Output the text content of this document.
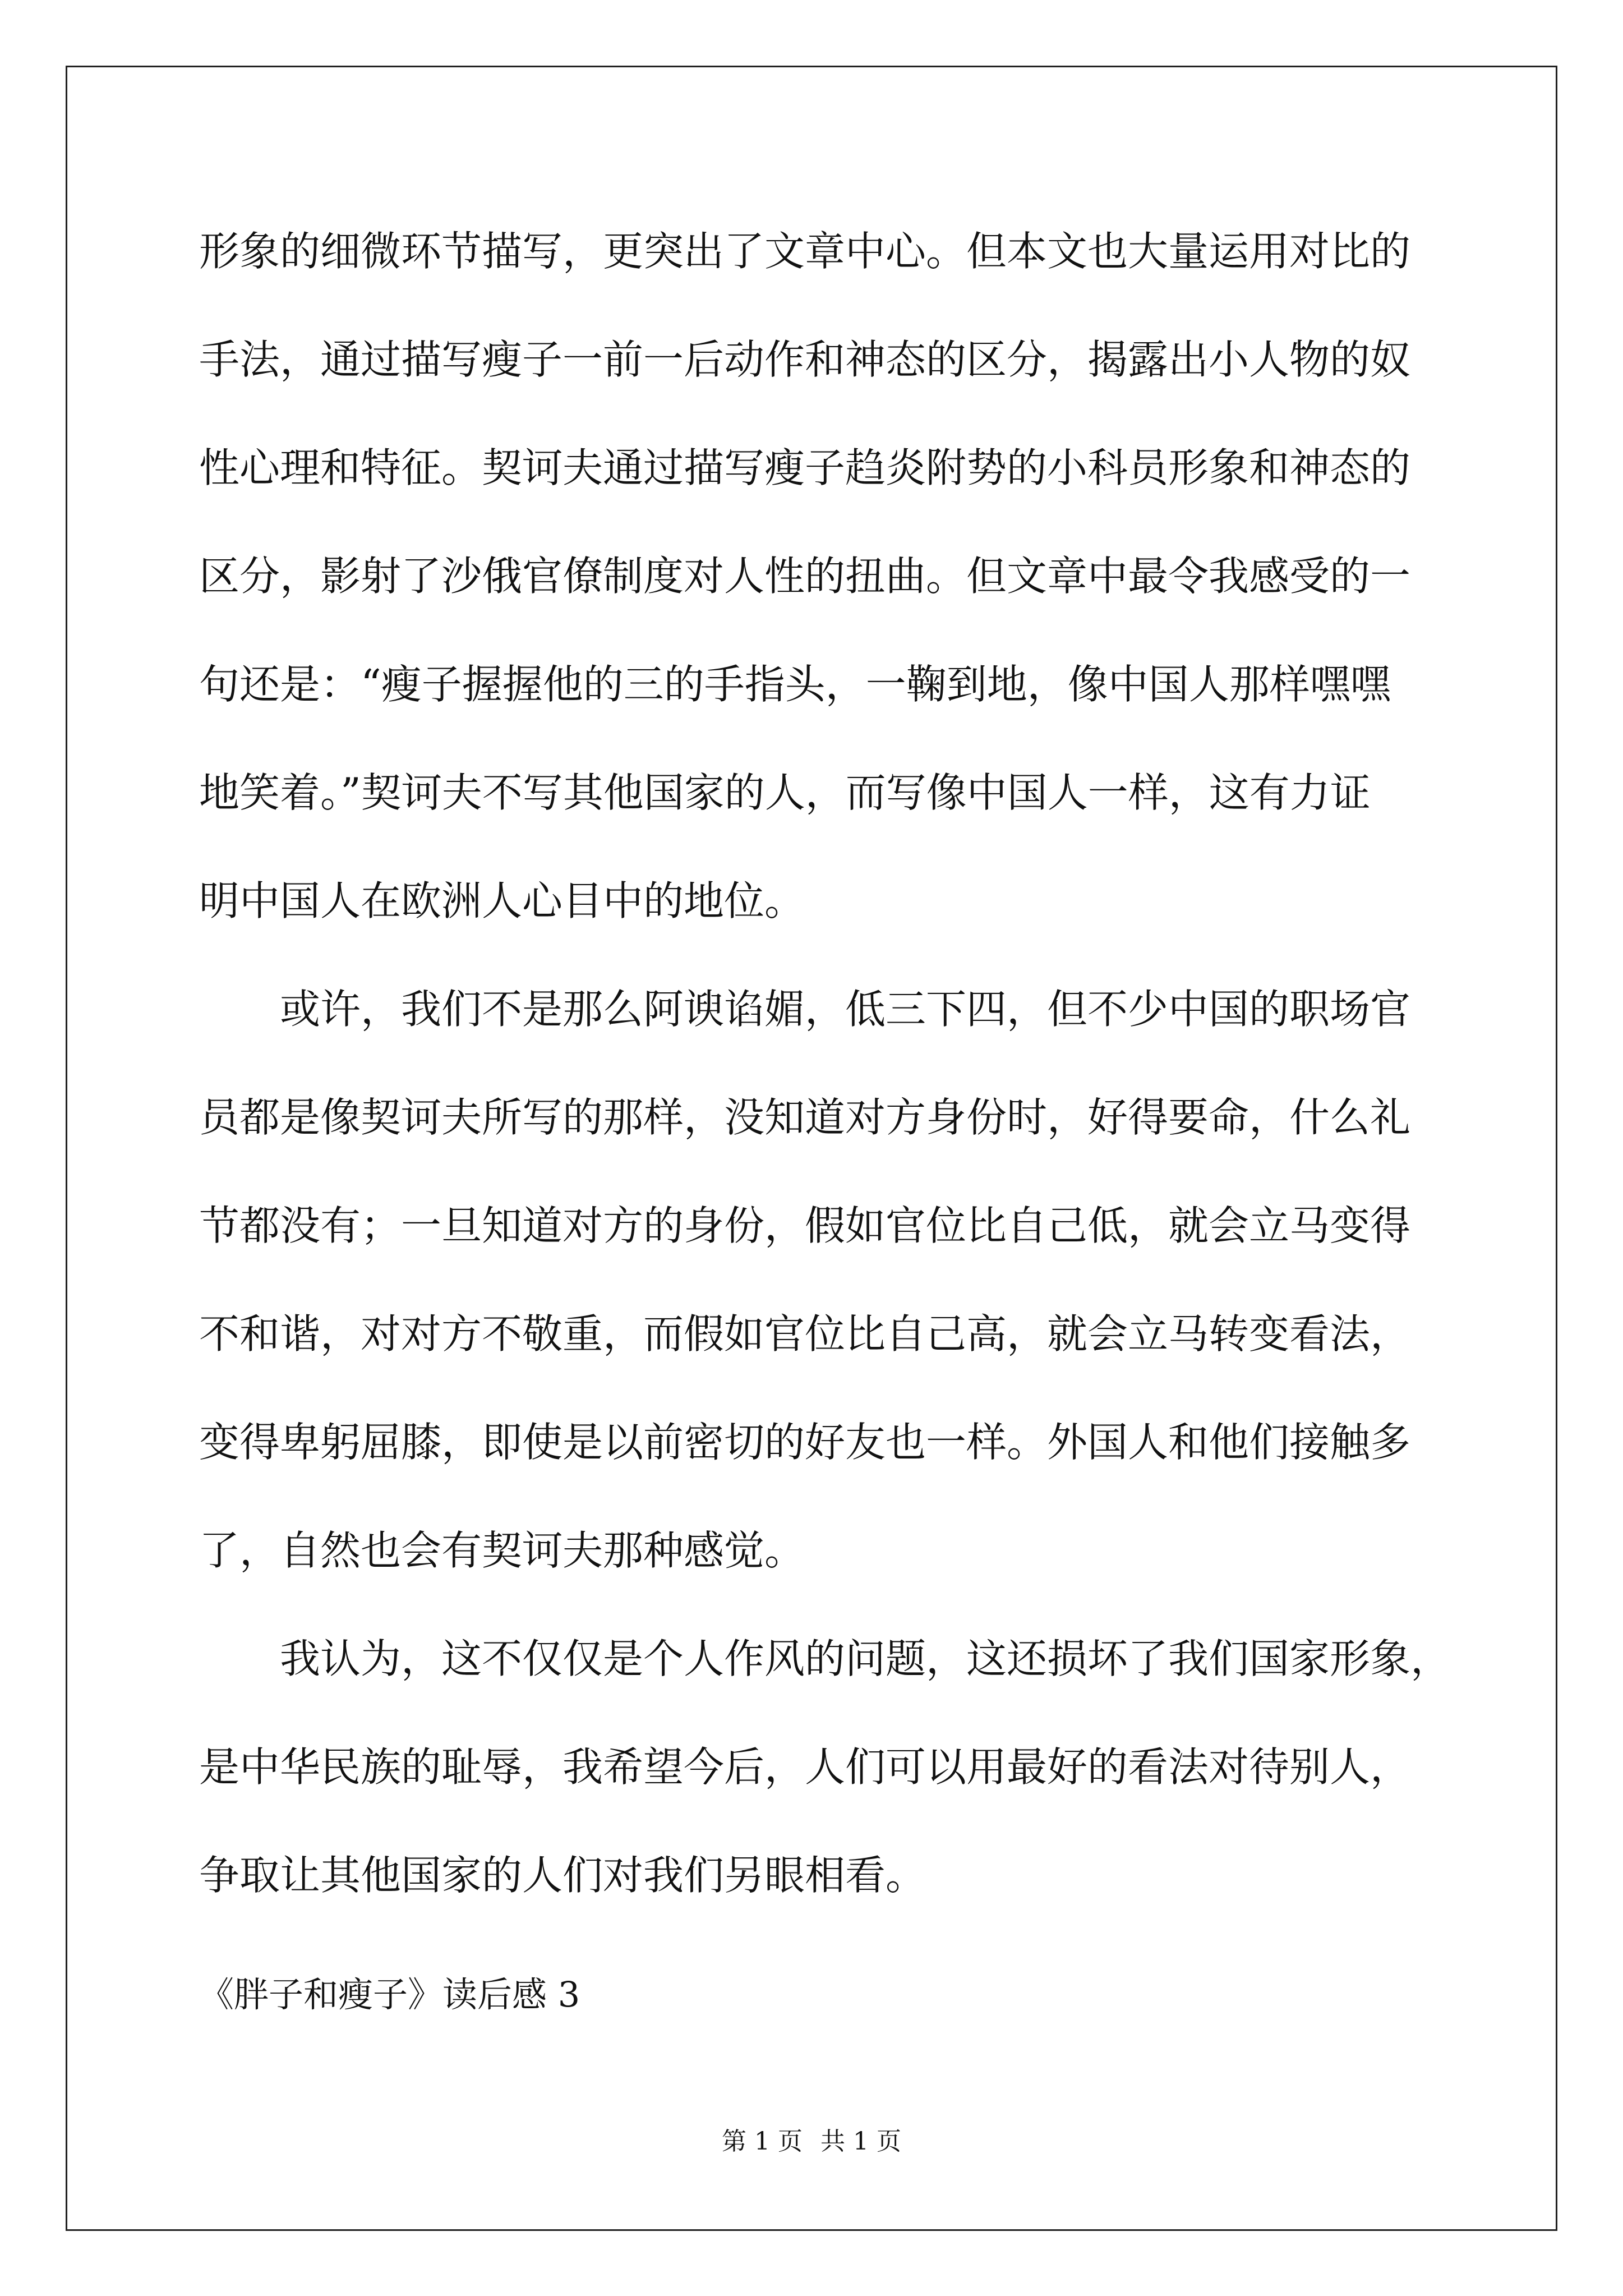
形象的细微环节描写，更突出了文章中心。但本文也大量运用对比的
手法，通过描写瘦子一前一后动作和神态的区分，揭露出小人物的奴
性心理和特征。契诃夫通过描写瘦子趋炎附势的小科员形象和神态的
区分，影射了沙俄官僚制度对人性的扭曲。但文章中最令我感受的一
句还是：“瘦子握握他的三的手指头，一鞠到地，像中国人那样嘿嘿
地笑着。”契诃夫不写其他国家的人，而写像中国人一样，这有力证
明中国人在欧洲人心目中的地位。
或许，我们不是那么阿谀谄媚，低三下四，但不少中国的职场官
员都是像契诃夫所写的那样，没知道对方身份时，好得要命，什么礼
节都没有；一旦知道对方的身份，假如官位比自己低，就会立马变得
不和谐，对对方不敬重，而假如官位比自己高，就会立马转变看法，
变得卑躬屈膝，即使是以前密切的好友也一样。外国人和他们接触多
了，自然也会有契诃夫那种感觉。
我认为，这不仅仅是个人作风的问题，这还损坏了我们国家形象，
是中华民族的耻辱，我希望今后，人们可以用最好的看法对待别人，
争取让其他国家的人们对我们另眼相看。
《胖子和瘦子》读后感 3
第 1 页 共 1 页
